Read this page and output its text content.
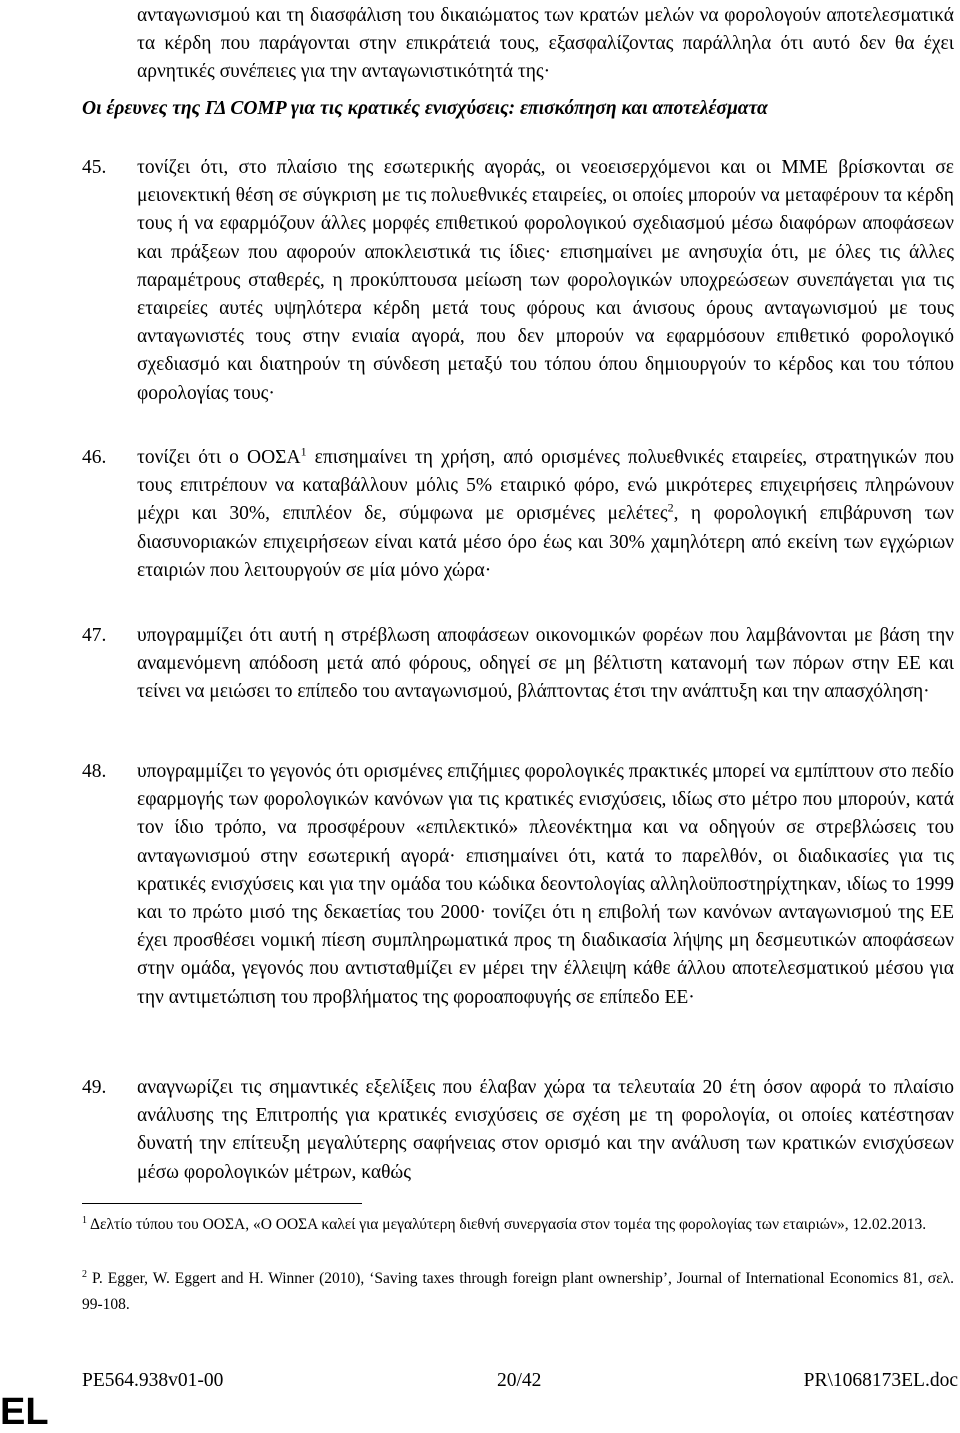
ανταγωνισμού και τη διασφάλιση του δικαιώματος των κρατών μελών να φορολογούν αποτελεσματικά τα κέρδη που παράγονται στην επικράτειά τους, εξασφαλίζοντας παράλληλα ότι αυτό δεν θα έχει αρνητικές συνέπειες για την ανταγωνιστικότητά της·
Οι έρευνες της ΓΔ COMP για τις κρατικές ενισχύσεις: επισκόπηση και αποτελέσματα
45.	τονίζει ότι, στο πλαίσιο της εσωτερικής αγοράς, οι νεοεισερχόμενοι και οι ΜΜΕ βρίσκονται σε μειονεκτική θέση σε σύγκριση με τις πολυεθνικές εταιρείες, οι οποίες μπορούν να μεταφέρουν τα κέρδη τους ή να εφαρμόζουν άλλες μορφές επιθετικού φορολογικού σχεδιασμού μέσω διαφόρων αποφάσεων και πράξεων που αφορούν αποκλειστικά τις ίδιες· επισημαίνει με ανησυχία ότι, με όλες τις άλλες παραμέτρους σταθερές, η προκύπτουσα μείωση των φορολογικών υποχρεώσεων συνεπάγεται για τις εταιρείες αυτές υψηλότερα κέρδη μετά τους φόρους και άνισους όρους ανταγωνισμού με τους ανταγωνιστές τους στην ενιαία αγορά, που δεν μπορούν να εφαρμόσουν επιθετικό φορολογικό σχεδιασμό και διατηρούν τη σύνδεση μεταξύ του τόπου όπου δημιουργούν το κέρδος και του τόπου φορολογίας τους·
46.	τονίζει ότι ο ΟΟΣΑ$^1$ επισημαίνει τη χρήση, από ορισμένες πολυεθνικές εταιρείες, στρατηγικών που τους επιτρέπουν να καταβάλλουν μόλις 5% εταιρικό φόρο, ενώ μικρότερες επιχειρήσεις πληρώνουν μέχρι και 30%, επιπλέον δε, σύμφωνα με ορισμένες μελέτες$^2$, η φορολογική επιβάρυνση των διασυνοριακών επιχειρήσεων είναι κατά μέσο όρο έως και 30% χαμηλότερη από εκείνη των εγχώριων εταιριών που λειτουργούν σε μία μόνο χώρα·
47.	υπογραμμίζει ότι αυτή η στρέβλωση αποφάσεων οικονομικών φορέων που λαμβάνονται με βάση την αναμενόμενη απόδοση μετά από φόρους, οδηγεί σε μη βέλτιστη κατανομή των πόρων στην ΕΕ και τείνει να μειώσει το επίπεδο του ανταγωνισμού, βλάπτοντας έτσι την ανάπτυξη και την απασχόληση·
48.	υπογραμμίζει το γεγονός ότι ορισμένες επιζήμιες φορολογικές πρακτικές μπορεί να εμπίπτουν στο πεδίο εφαρμογής των φορολογικών κανόνων για τις κρατικές ενισχύσεις, ιδίως στο μέτρο που μπορούν, κατά τον ίδιο τρόπο, να προσφέρουν «επιλεκτικό» πλεονέκτημα και να οδηγούν σε στρεβλώσεις του ανταγωνισμού στην εσωτερική αγορά· επισημαίνει ότι, κατά το παρελθόν, οι διαδικασίες για τις κρατικές ενισχύσεις και για την ομάδα του κώδικα δεοντολογίας αλληλοϋποστηρίχτηκαν, ιδίως το 1999 και το πρώτο μισό της δεκαετίας του 2000· τονίζει ότι η επιβολή των κανόνων ανταγωνισμού της ΕΕ έχει προσθέσει νομική πίεση συμπληρωματικά προς τη διαδικασία λήψης μη δεσμευτικών αποφάσεων στην ομάδα, γεγονός που αντισταθμίζει εν μέρει την έλλειψη κάθε άλλου αποτελεσματικού μέσου για την αντιμετώπιση του προβλήματος της φοροαποφυγής σε επίπεδο ΕΕ·
49.	αναγνωρίζει τις σημαντικές εξελίξεις που έλαβαν χώρα τα τελευταία 20 έτη όσον αφορά το πλαίσιο ανάλυσης της Επιτροπής για κρατικές ενισχύσεις σε σχέση με τη φορολογία, οι οποίες κατέστησαν δυνατή την επίτευξη μεγαλύτερης σαφήνειας στον ορισμό και την ανάλυση των κρατικών ενισχύσεων μέσω φορολογικών μέτρων, καθώς
$^1$ Δελτίο τύπου του ΟΟΣΑ, «Ο ΟΟΣΑ καλεί για μεγαλύτερη διεθνή συνεργασία στον τομέα της φορολογίας των εταιριών», 12.02.2013.
$^2$ P. Egger, W. Eggert and H. Winner (2010), ‘Saving taxes through foreign plant ownership’, Journal of International Economics 81, σελ. 99-108.
PE564.938v01-00	20/42	PR\1068173EL.doc
EL
